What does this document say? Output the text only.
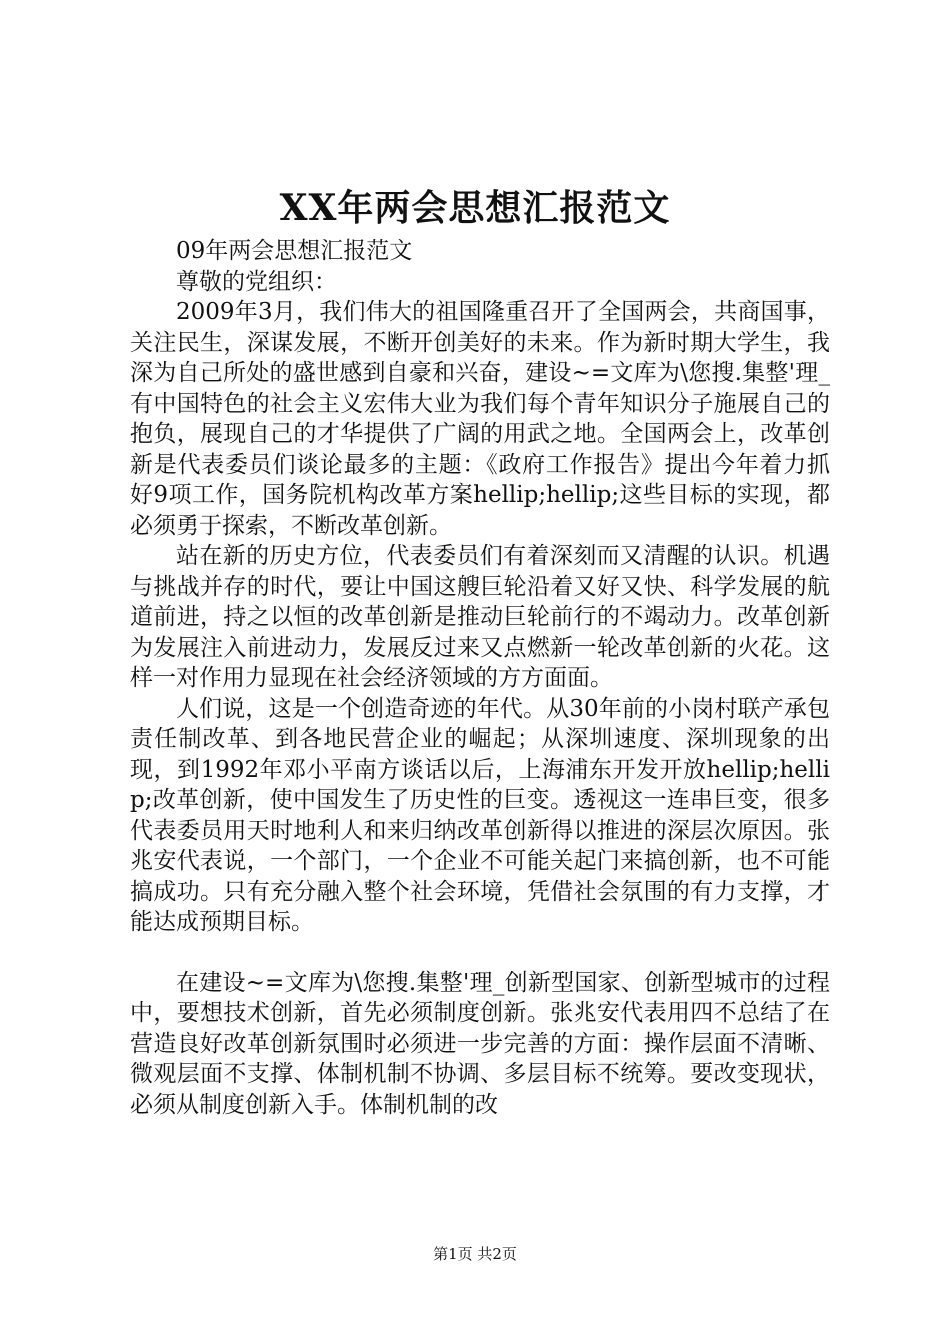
XX年两会思想汇报范文

09年两会思想汇报范文

尊敬的党组织：

2009年3月，我们伟大的祖国隆重召开了全国两会，共商国事，关注民生，深谋发展，不断开创美好的未来。作为新时期大学生，我深为自己所处的盛世感到自豪和兴奋，建设~=文库为\您搜.集整'理_有中国特色的社会主义宏伟大业为我们每个青年知识分子施展自己的抱负，展现自己的才华提供了广阔的用武之地。全国两会上，改革创新是代表委员们谈论最多的主题：《政府工作报告》提出今年着力抓好9项工作，国务院机构改革方案hellip;hellip;这些目标的实现，都必须勇于探索，不断改革创新。

站在新的历史方位，代表委员们有着深刻而又清醒的认识。机遇与挑战并存的时代，要让中国这艘巨轮沿着又好又快、科学发展的航道前进，持之以恒的改革创新是推动巨轮前行的不竭动力。改革创新为发展注入前进动力，发展反过来又点燃新一轮改革创新的火花。这样一对作用力显现在社会经济领域的方方面面。

人们说，这是一个创造奇迹的年代。从30年前的小岗村联产承包责任制改革、到各地民营企业的崛起；从深圳速度、深圳现象的出现，到1992年邓小平南方谈话以后，上海浦东开发开放hellip;hellip;改革创新，使中国发生了历史性的巨变。透视这一连串巨变，很多代表委员用天时地利人和来归纳改革创新得以推进的深层次原因。张兆安代表说，一个部门，一个企业不可能关起门来搞创新，也不可能搞成功。只有充分融入整个社会环境，凭借社会氛围的有力支撑，才能达成预期目标。

在建设~=文库为\您搜.集整'理_创新型国家、创新型城市的过程中，要想技术创新，首先必须制度创新。张兆安代表用四不总结了在营造良好改革创新氛围时必须进一步完善的方面：操作层面不清晰、微观层面不支撑、体制机制不协调、多层目标不统筹。要改变现状，必须从制度创新入手。体制机制的改

第1页 共2页
